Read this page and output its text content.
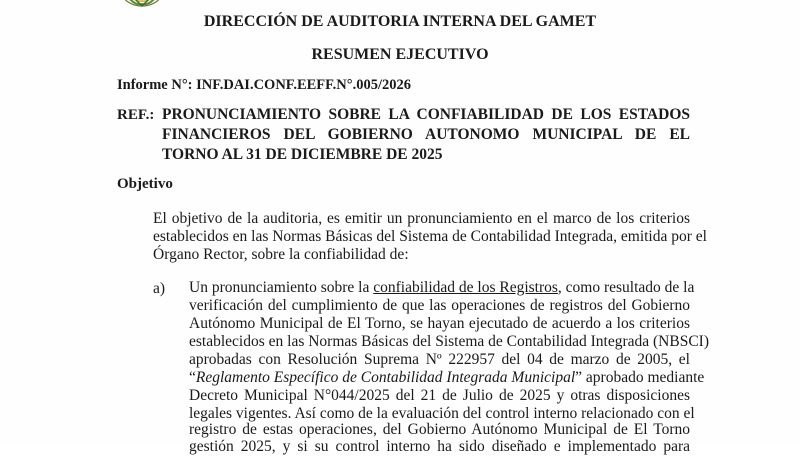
DIRECCIÓN DE AUDITORIA INTERNA DEL GAMET
RESUMEN EJECUTIVO
Informe N°: INF.DAI.CONF.EEFF.N°.005/2026
REF.: PRONUNCIAMIENTO SOBRE LA CONFIABILIDAD DE LOS ESTADOS
FINANCIEROS DEL GOBIERNO AUTONOMO MUNICIPAL DE EL
TORNO AL 31 DE DICIEMBRE DE 2025
Objetivo
El objetivo de la auditoria, es emitir un pronunciamiento en el marco de los criterios
establecidos en las Normas Básicas del Sistema de Contabilidad Integrada, emitida por el
Órgano Rector, sobre la confiabilidad de:
a) Un pronunciamiento sobre la confiabilidad de los Registros, como resultado de la
verificación del cumplimiento de que las operaciones de registros del Gobierno
Autónomo Municipal de El Torno, se hayan ejecutado de acuerdo a los criterios
establecidos en las Normas Básicas del Sistema de Contabilidad Integrada (NBSCI)
aprobadas con Resolución Suprema Nº 222957 del 04 de marzo de 2005, el
“Reglamento Específico de Contabilidad Integrada Municipal” aprobado mediante
Decreto Municipal N°044/2025 del 21 de Julio de 2025 y otras disposiciones
legales vigentes. Así como de la evaluación del control interno relacionado con el
registro de estas operaciones, del Gobierno Autónomo Municipal de El Torno
gestión 2025, y si su control interno ha sido diseñado e implementado para
